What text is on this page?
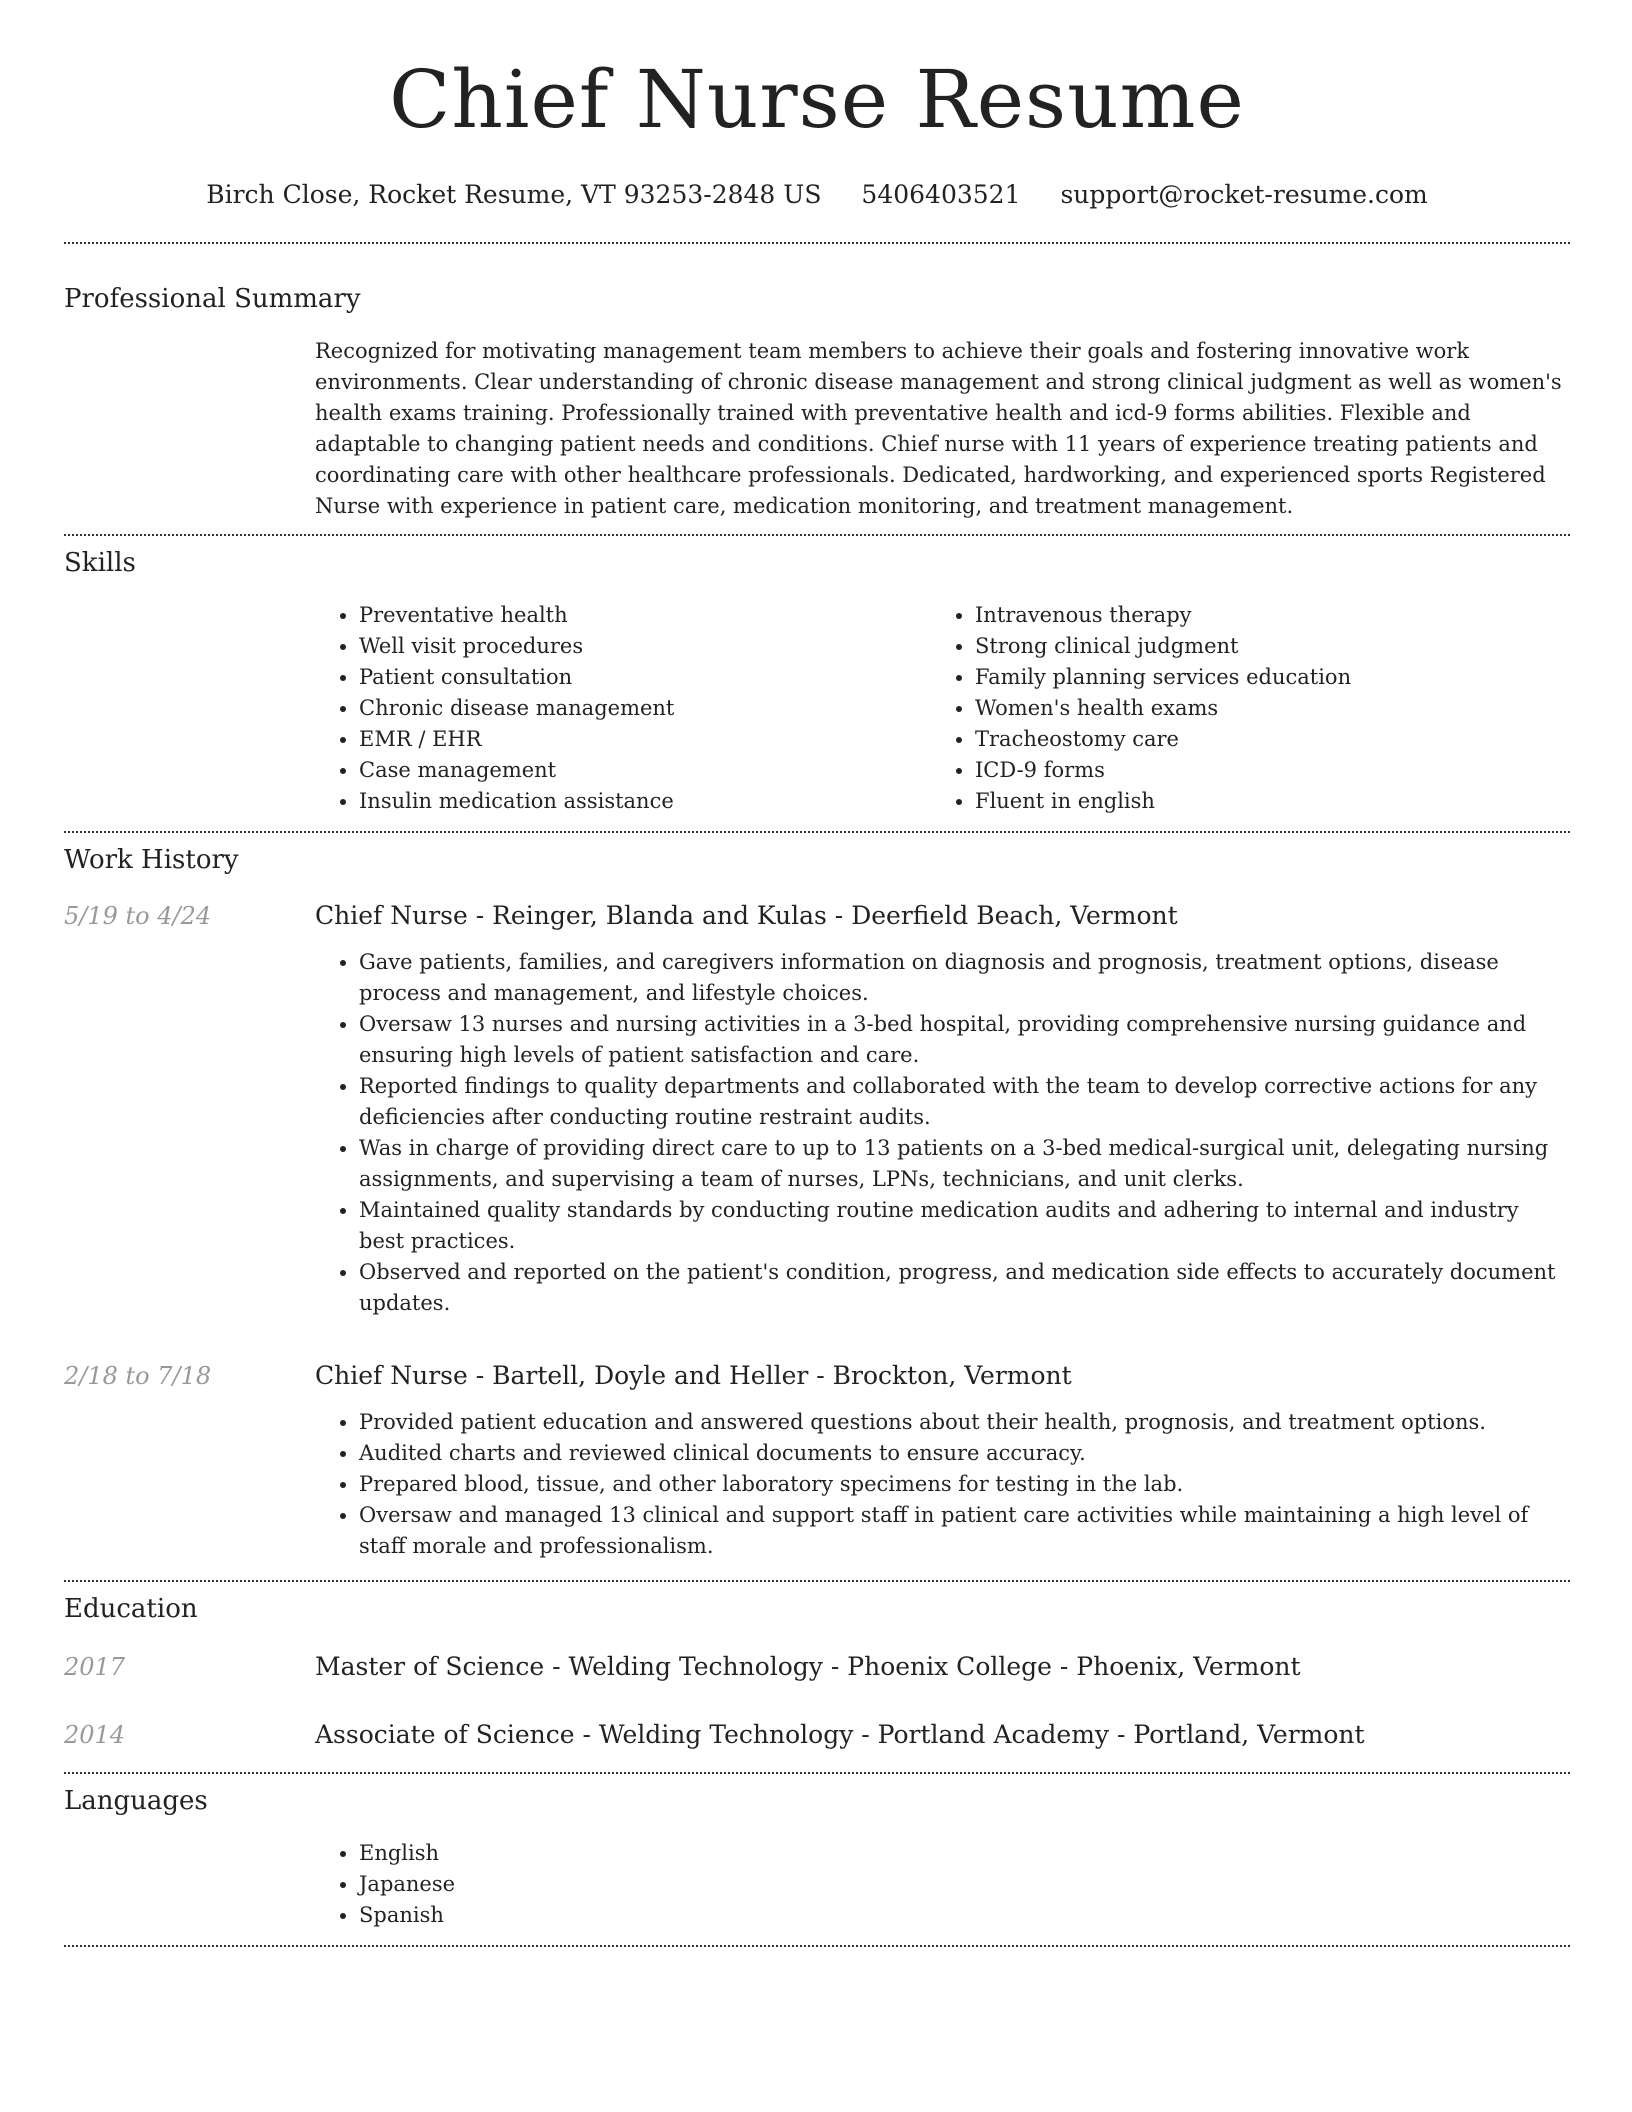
Chief Nurse Resume
Birch Close, Rocket Resume, VT 93253-2848 US 5406403521 support@rocket-resume.com
Professional Summary
Recognized for motivating management team members to achieve their goals and fostering innovative work environments. Clear understanding of chronic disease management and strong clinical judgment as well as women's health exams training. Professionally trained with preventative health and icd-9 forms abilities. Flexible and adaptable to changing patient needs and conditions. Chief nurse with 11 years of experience treating patients and coordinating care with other healthcare professionals. Dedicated, hardworking, and experienced sports Registered Nurse with experience in patient care, medication monitoring, and treatment management.
Skills
• Preventative health
• Well visit procedures
• Patient consultation
• Chronic disease management
• EMR / EHR
• Case management
• Insulin medication assistance
• Intravenous therapy
• Strong clinical judgment
• Family planning services education
• Women's health exams
• Tracheostomy care
• ICD-9 forms
• Fluent in english
Work History
5/19 to 4/24	Chief Nurse - Reinger, Blanda and Kulas - Deerfield Beach, Vermont
• Gave patients, families, and caregivers information on diagnosis and prognosis, treatment options, disease process and management, and lifestyle choices.
• Oversaw 13 nurses and nursing activities in a 3-bed hospital, providing comprehensive nursing guidance and ensuring high levels of patient satisfaction and care.
• Reported findings to quality departments and collaborated with the team to develop corrective actions for any deficiencies after conducting routine restraint audits.
• Was in charge of providing direct care to up to 13 patients on a 3-bed medical-surgical unit, delegating nursing assignments, and supervising a team of nurses, LPNs, technicians, and unit clerks.
• Maintained quality standards by conducting routine medication audits and adhering to internal and industry best practices.
• Observed and reported on the patient's condition, progress, and medication side effects to accurately document updates.
2/18 to 7/18	Chief Nurse - Bartell, Doyle and Heller - Brockton, Vermont
• Provided patient education and answered questions about their health, prognosis, and treatment options.
• Audited charts and reviewed clinical documents to ensure accuracy.
• Prepared blood, tissue, and other laboratory specimens for testing in the lab.
• Oversaw and managed 13 clinical and support staff in patient care activities while maintaining a high level of staff morale and professionalism.
Education
2017	Master of Science - Welding Technology - Phoenix College - Phoenix, Vermont
2014	Associate of Science - Welding Technology - Portland Academy - Portland, Vermont
Languages
• English
• Japanese
• Spanish
